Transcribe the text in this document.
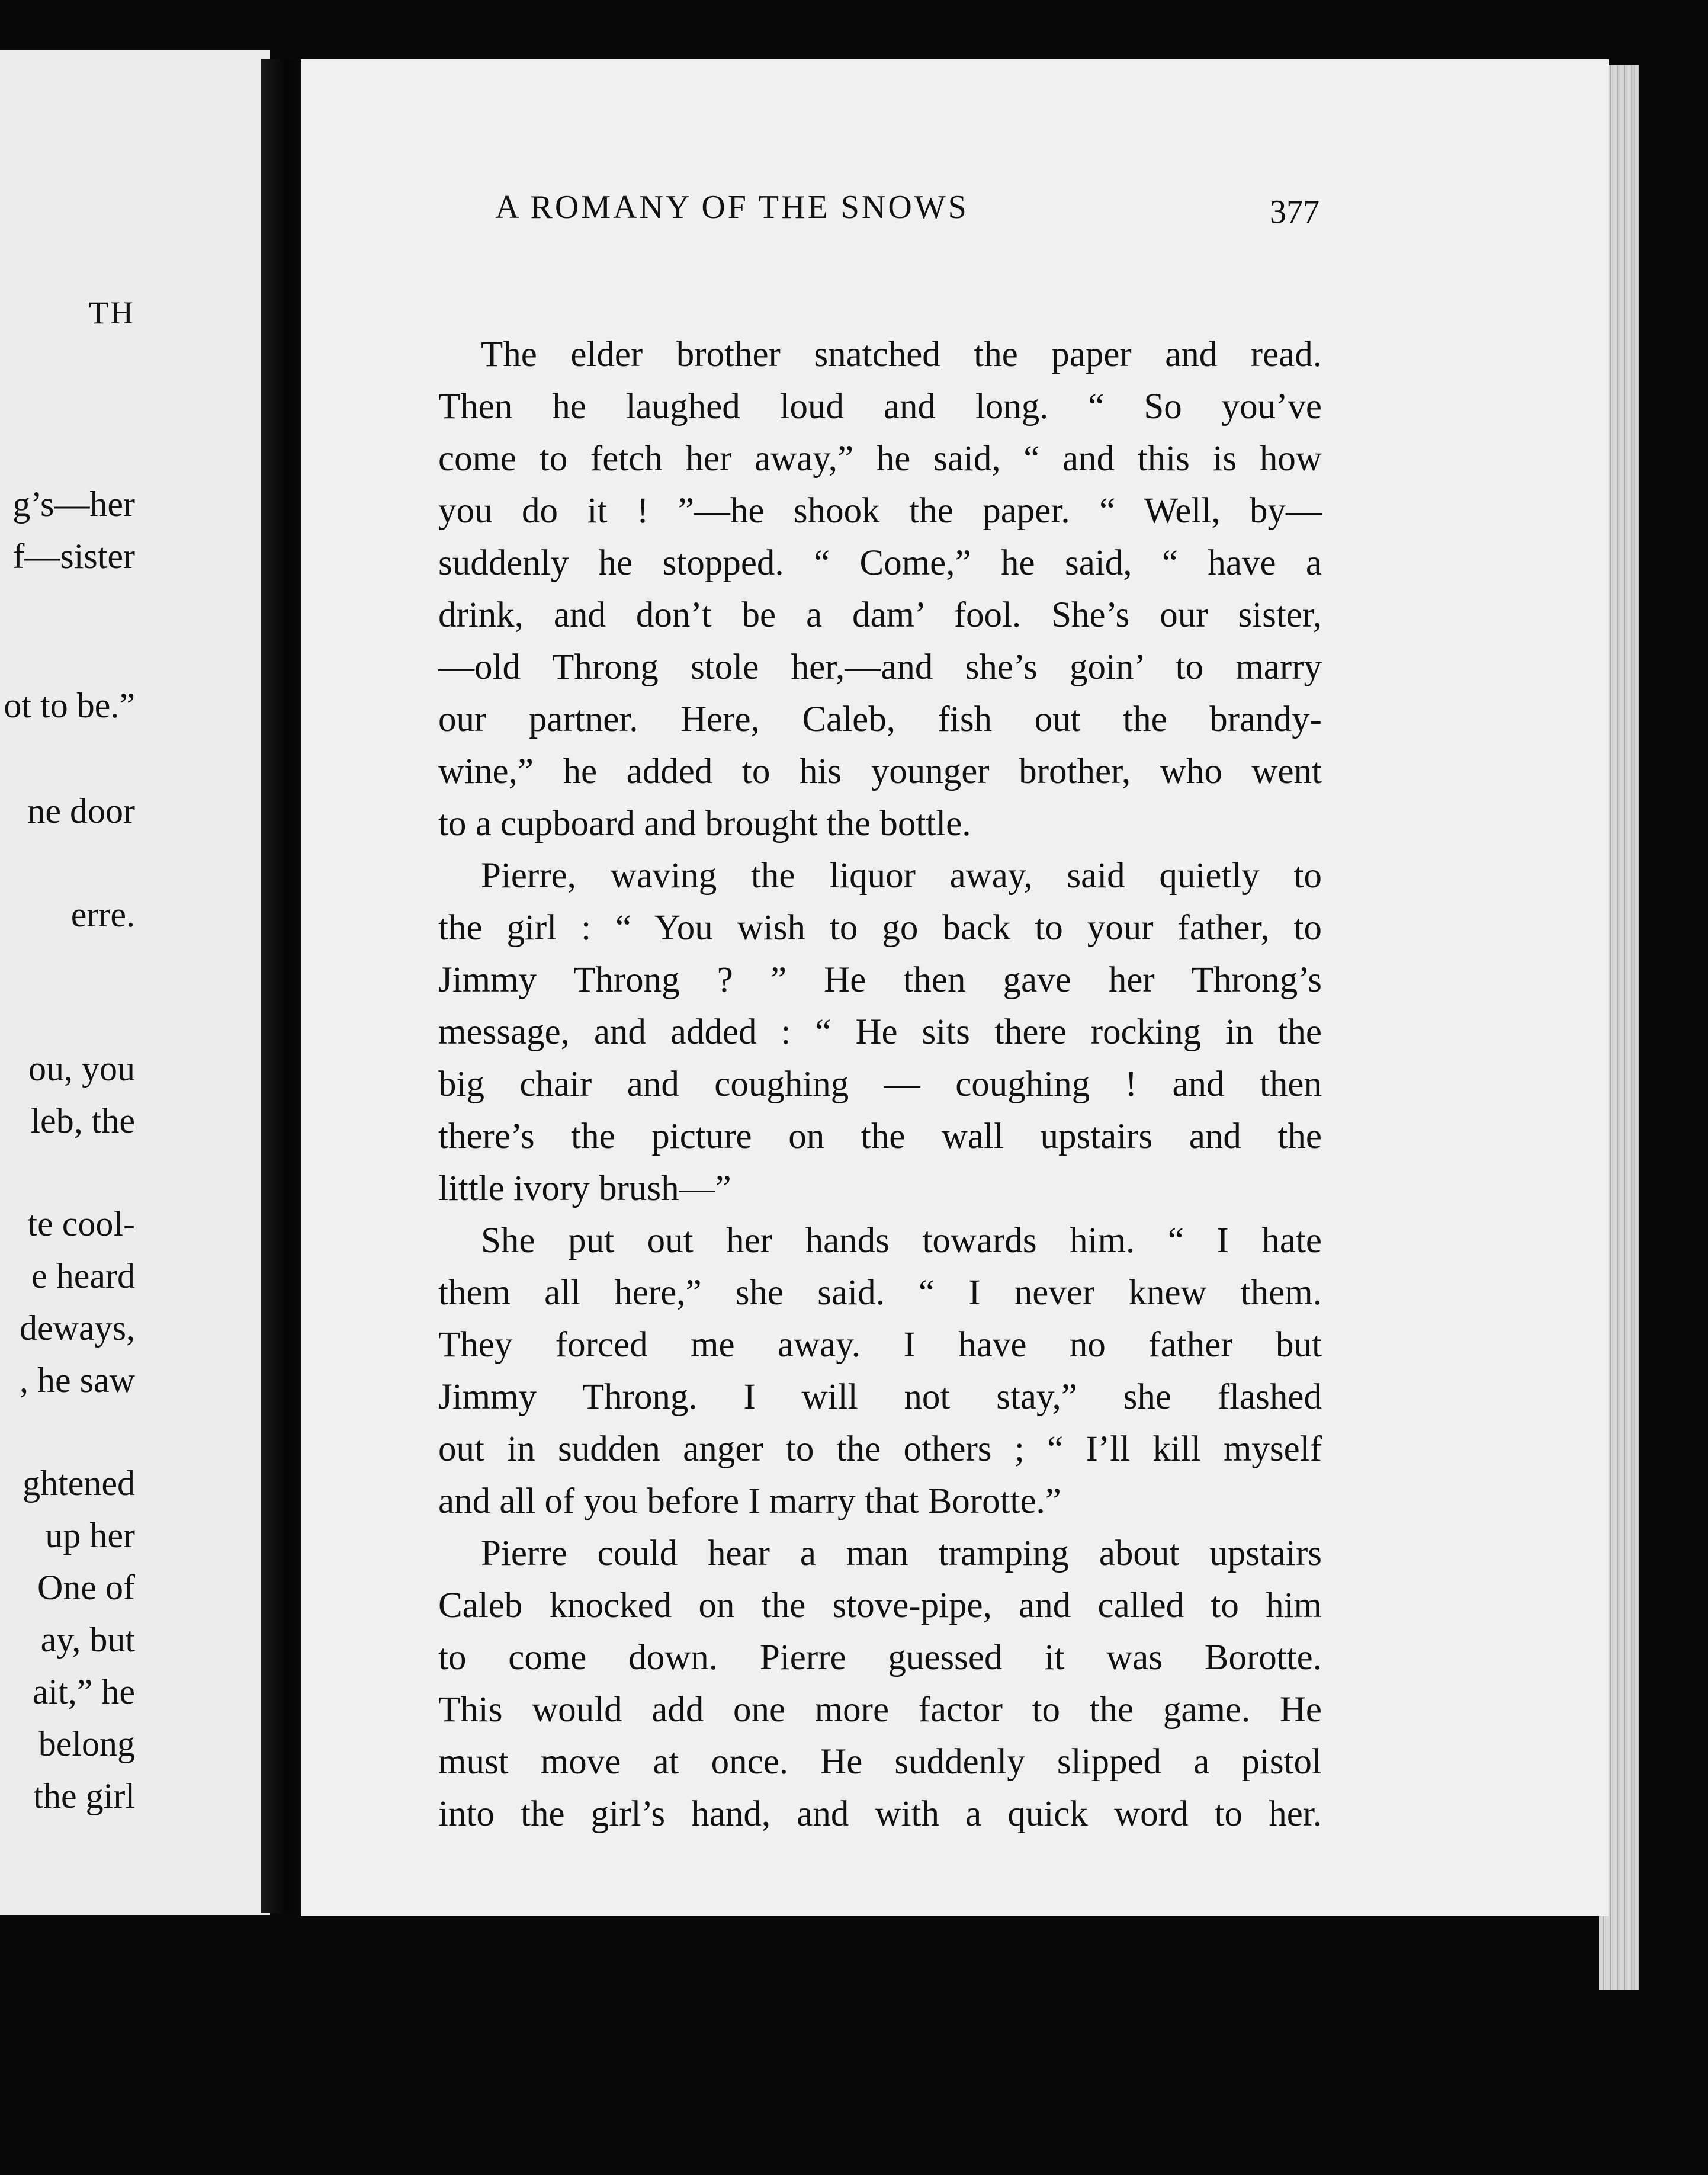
TH
g’s—her
f—sister
ot to be.”
ne door
erre.
ou, you
leb, the
te cool-
e heard
deways,
, he saw
ghtened
up her
One of
ay, but
ait,” he
belong
the girl
A ROMANY OF THE SNOWS	377
The elder brother snatched the paper and read.
Then he laughed loud and long. “ So you’ve
come to fetch her away,” he said, “ and this is how
you do it ! ”—he shook the paper. “ Well, by—
suddenly he stopped. “ Come,” he said, “ have a
drink, and don’t be a dam’ fool. She’s our sister,
—old Throng stole her,—and she’s goin’ to marry
our partner. Here, Caleb, fish out the brandy-
wine,” he added to his younger brother, who went
to a cupboard and brought the bottle.
Pierre, waving the liquor away, said quietly to
the girl : “ You wish to go back to your father, to
Jimmy Throng ? ” He then gave her Throng’s
message, and added : “ He sits there rocking in the
big chair and coughing — coughing ! and then
there’s the picture on the wall upstairs and the
little ivory brush—”
She put out her hands towards him. “ I hate
them all here,” she said. “ I never knew them.
They forced me away. I have no father but
Jimmy Throng. I will not stay,” she flashed
out in sudden anger to the others ; “ I’ll kill myself
and all of you before I marry that Borotte.”
Pierre could hear a man tramping about upstairs
Caleb knocked on the stove-pipe, and called to him
to come down. Pierre guessed it was Borotte.
This would add one more factor to the game. He
must move at once. He suddenly slipped a pistol
into the girl’s hand, and with a quick word to her.
